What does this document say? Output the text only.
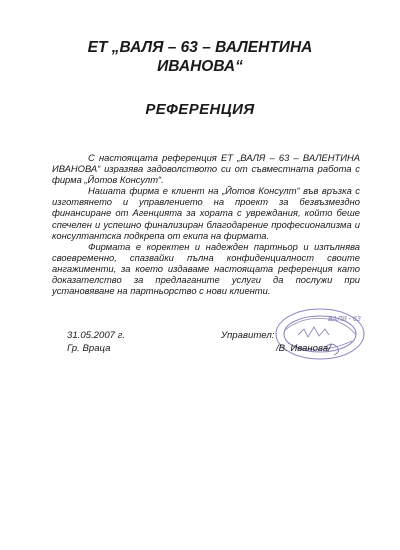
ЕТ „ВАЛЯ – 63 – ВАЛЕНТИНА
ИВАНОВА“
РЕФЕРЕНЦИЯ

С настоящата референция ЕТ „ВАЛЯ – 63 – ВАЛЕНТИНА ИВАНОВА“ изразява задоволството си от съвместната работа с фирма „Йотов Консулт“.

Нашата фирма е клиент на „Йотов Консулт“ във връзка с изготвянето и управлението на проект за безвъзмездно финансиране от Агенцията за хората с увреждания, който беше спечелен и успешно финализиран благодарение професионализма и консултантска подкрепа от екипа на фирмата.

Фирмата е коректен и надежден партньор и изпълнява своевременно, спазвайки пълна конфиденциалност своите ангажименти, за което издаваме настоящата референция като доказателство за предлаганите услуги да послужи при установяване на партньорство с нови клиенти.

31.05.2007 г.
Гр. Враца
Управител:
ВАЛЯ - 63
/В. Иванова/
